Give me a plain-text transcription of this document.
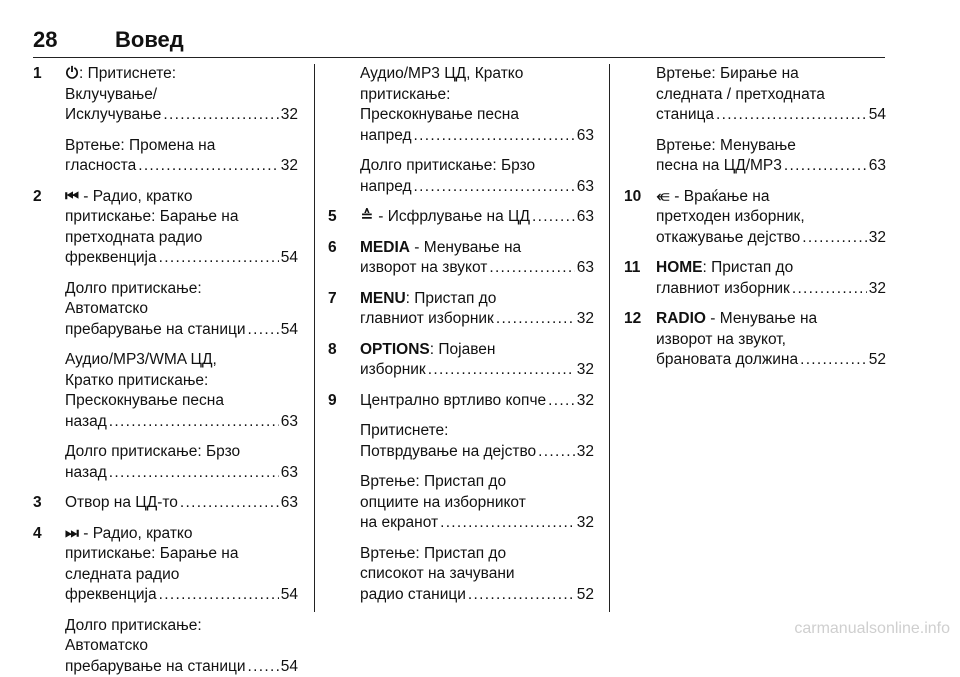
28	Вовед
1 ⏻: Притиснете:
Вклучување/
Исклучување . . .	32
Вртење: Промена на
гласноста . . .	32
2 ⏮ - Радио, кратко
притискање: Барање на
претходната радио
фреквенција . . .	54
Долго притискање:
Автоматско
пребарување на станици . . . 54
Аудио/MP3/WMA ЦД,
Кратко притискање:
Прескокнување песна
назад . . .	63
Долго притискање: Брзо
назад . . .	63
3 Отвор на ЦД-то . . .	63
4 ⏭ - Радио, кратко
притискање: Барање на
следната радио
фреквенција . . .	54
Долго притискање:
Автоматско
пребарување на станици . . . 54
Аудио/MP3 ЦД, Кратко
притискање:
Прескокнување песна
напред . . .	63
Долго притискање: Брзо
напред . . .	63
5 ≙ - Исфрлување на ЦД . . .	63
6 MEDIA - Менување на
изворот на звукот . . .	63
7 MENU: Пристап до
главниот изборник . . .	32
8 OPTIONS: Појавен
изборник . . .	32
9 Централно вртливо копче . . . 32
Притиснете:
Потврдување на дејство . . .	32
Вртење: Пристап до
опциите на изборникот
на екранот . . .	32
Вртење: Пристап до
списокот на зачувани
радио станици . . .	52
Вртење: Бирање на
следната / претходната
станица . . .	54
Вртење: Менување
песна на ЦД/MP3 . . .	63
10 ⥺ - Враќање на
претходен изборник,
откажување дејство . . .	32
11 HOME: Пристап до
главниот изборник . . .	32
12 RADIO - Менување на
изворот на звукот,
брановата должина . . .	52
carmanualsonline.info
